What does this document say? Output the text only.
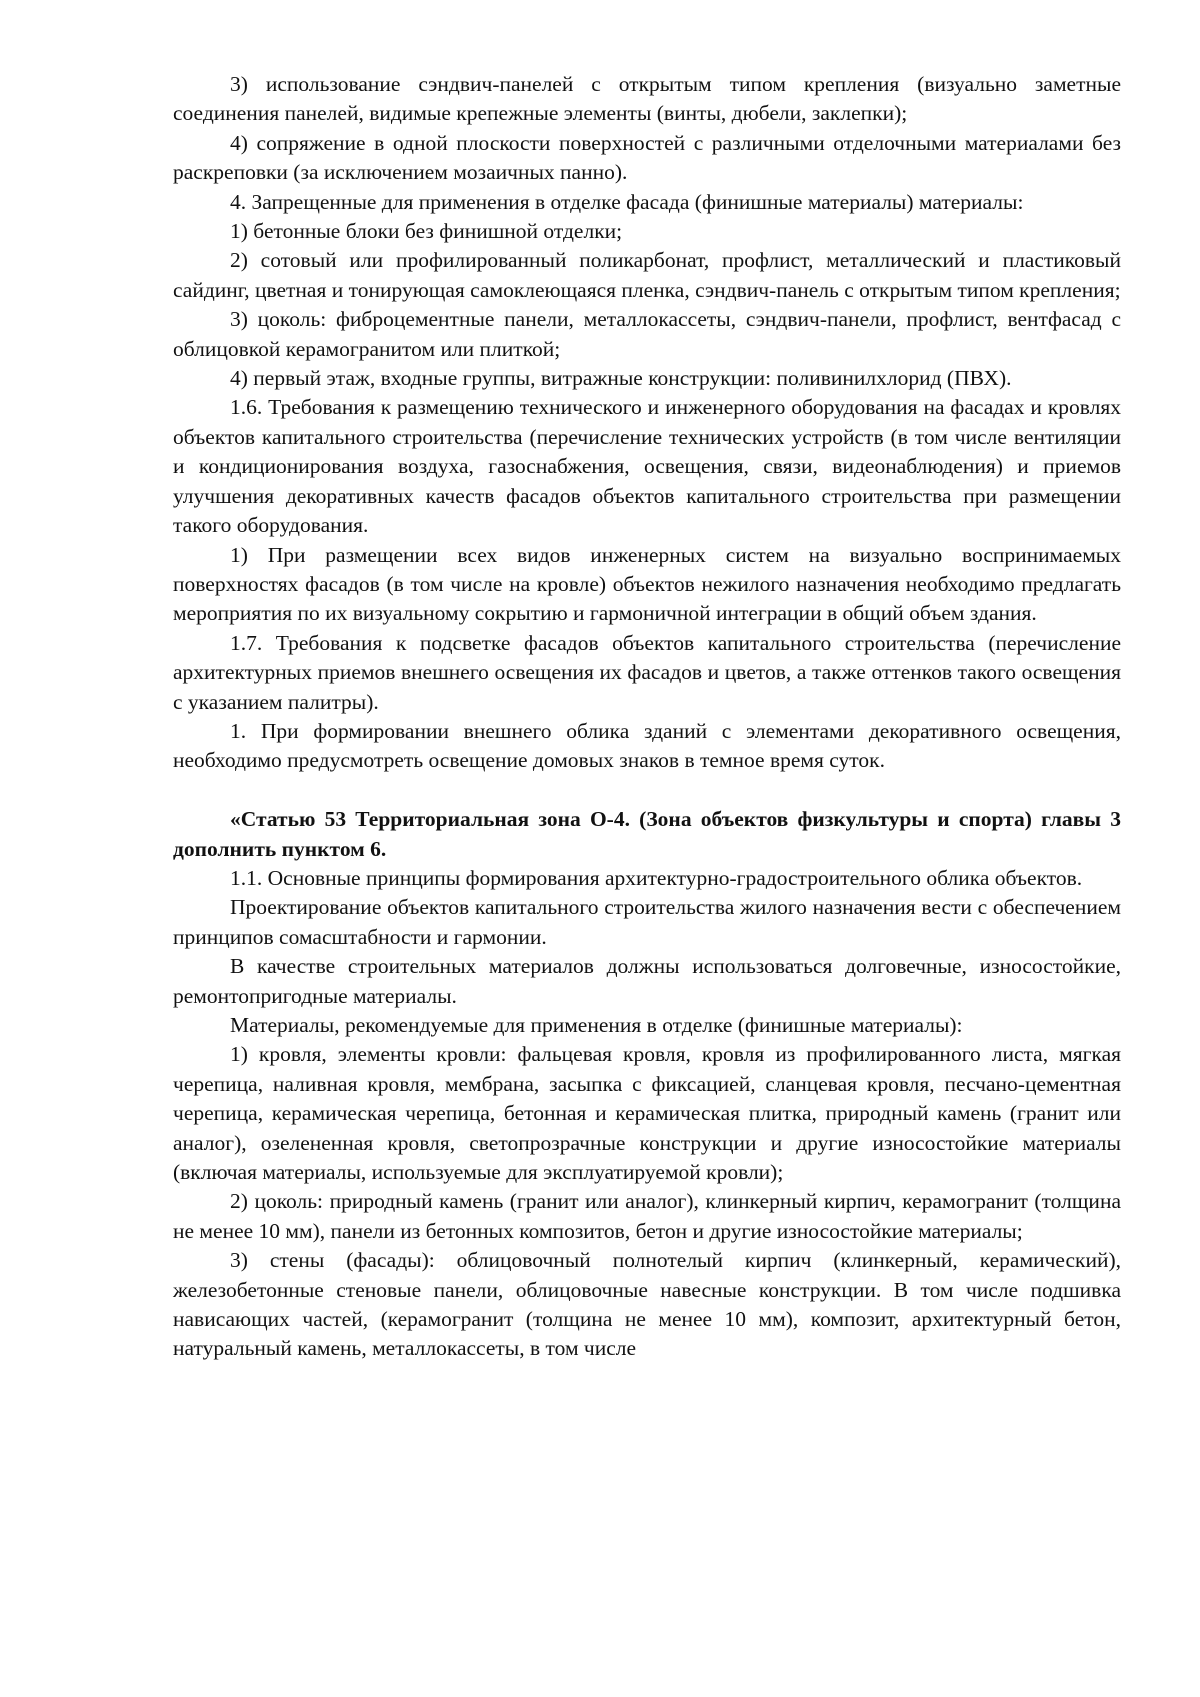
3) использование сэндвич-панелей с открытым типом крепления (визуально заметные соединения панелей, видимые крепежные элементы (винты, дюбели, заклепки);

4) сопряжение в одной плоскости поверхностей с различными отделочными материалами без раскреповки (за исключением мозаичных панно).

4. Запрещенные для применения в отделке фасада (финишные материалы) материалы:

1) бетонные блоки без финишной отделки;

2) сотовый или профилированный поликарбонат, профлист, металлический и пластиковый сайдинг, цветная и тонирующая самоклеющаяся пленка, сэндвич-панель с открытым типом крепления;

3) цоколь: фиброцементные панели, металлокассеты, сэндвич-панели, профлист, вентфасад с облицовкой керамогранитом или плиткой;

4) первый этаж, входные группы, витражные конструкции: поливинилхлорид (ПВХ).

1.6. Требования к размещению технического и инженерного оборудования на фасадах и кровлях объектов капитального строительства (перечисление технических устройств (в том числе вентиляции и кондиционирования воздуха, газоснабжения, освещения, связи, видеонаблюдения) и приемов улучшения декоративных качеств фасадов объектов капитального строительства при размещении такого оборудования.

1) При размещении всех видов инженерных систем на визуально воспринимаемых поверхностях фасадов (в том числе на кровле) объектов нежилого назначения необходимо предлагать мероприятия по их визуальному сокрытию и гармоничной интеграции в общий объем здания.

1.7. Требования к подсветке фасадов объектов капитального строительства (перечисление архитектурных приемов внешнего освещения их фасадов и цветов, а также оттенков такого освещения с указанием палитры).

1. При формировании внешнего облика зданий с элементами декоративного освещения, необходимо предусмотреть освещение домовых знаков в темное время суток.

«Статью 53 Территориальная зона О-4. (Зона объектов физкультуры и спорта) главы 3 дополнить пунктом 6.

1.1. Основные принципы формирования архитектурно-градостроительного облика объектов.

Проектирование объектов капитального строительства жилого назначения вести с обеспечением принципов сомасштабности и гармонии.

В качестве строительных материалов должны использоваться долговечные, износостойкие, ремонтопригодные материалы.

Материалы, рекомендуемые для применения в отделке (финишные материалы):

1) кровля, элементы кровли: фальцевая кровля, кровля из профилированного листа, мягкая черепица, наливная кровля, мембрана, засыпка с фиксацией, сланцевая кровля, песчано-цементная черепица, керамическая черепица, бетонная и керамическая плитка, природный камень (гранит или аналог), озелененная кровля, светопрозрачные конструкции и другие износостойкие материалы (включая материалы, используемые для эксплуатируемой кровли);

2) цоколь: природный камень (гранит или аналог), клинкерный кирпич, керамогранит (толщина не менее 10 мм), панели из бетонных композитов, бетон и другие износостойкие материалы;

3) стены (фасады): облицовочный полнотелый кирпич (клинкерный, керамический), железобетонные стеновые панели, облицовочные навесные конструкции. В том числе подшивка нависающих частей, (керамогранит (толщина не менее 10 мм), композит, архитектурный бетон, натуральный камень, металлокассеты, в том числе
